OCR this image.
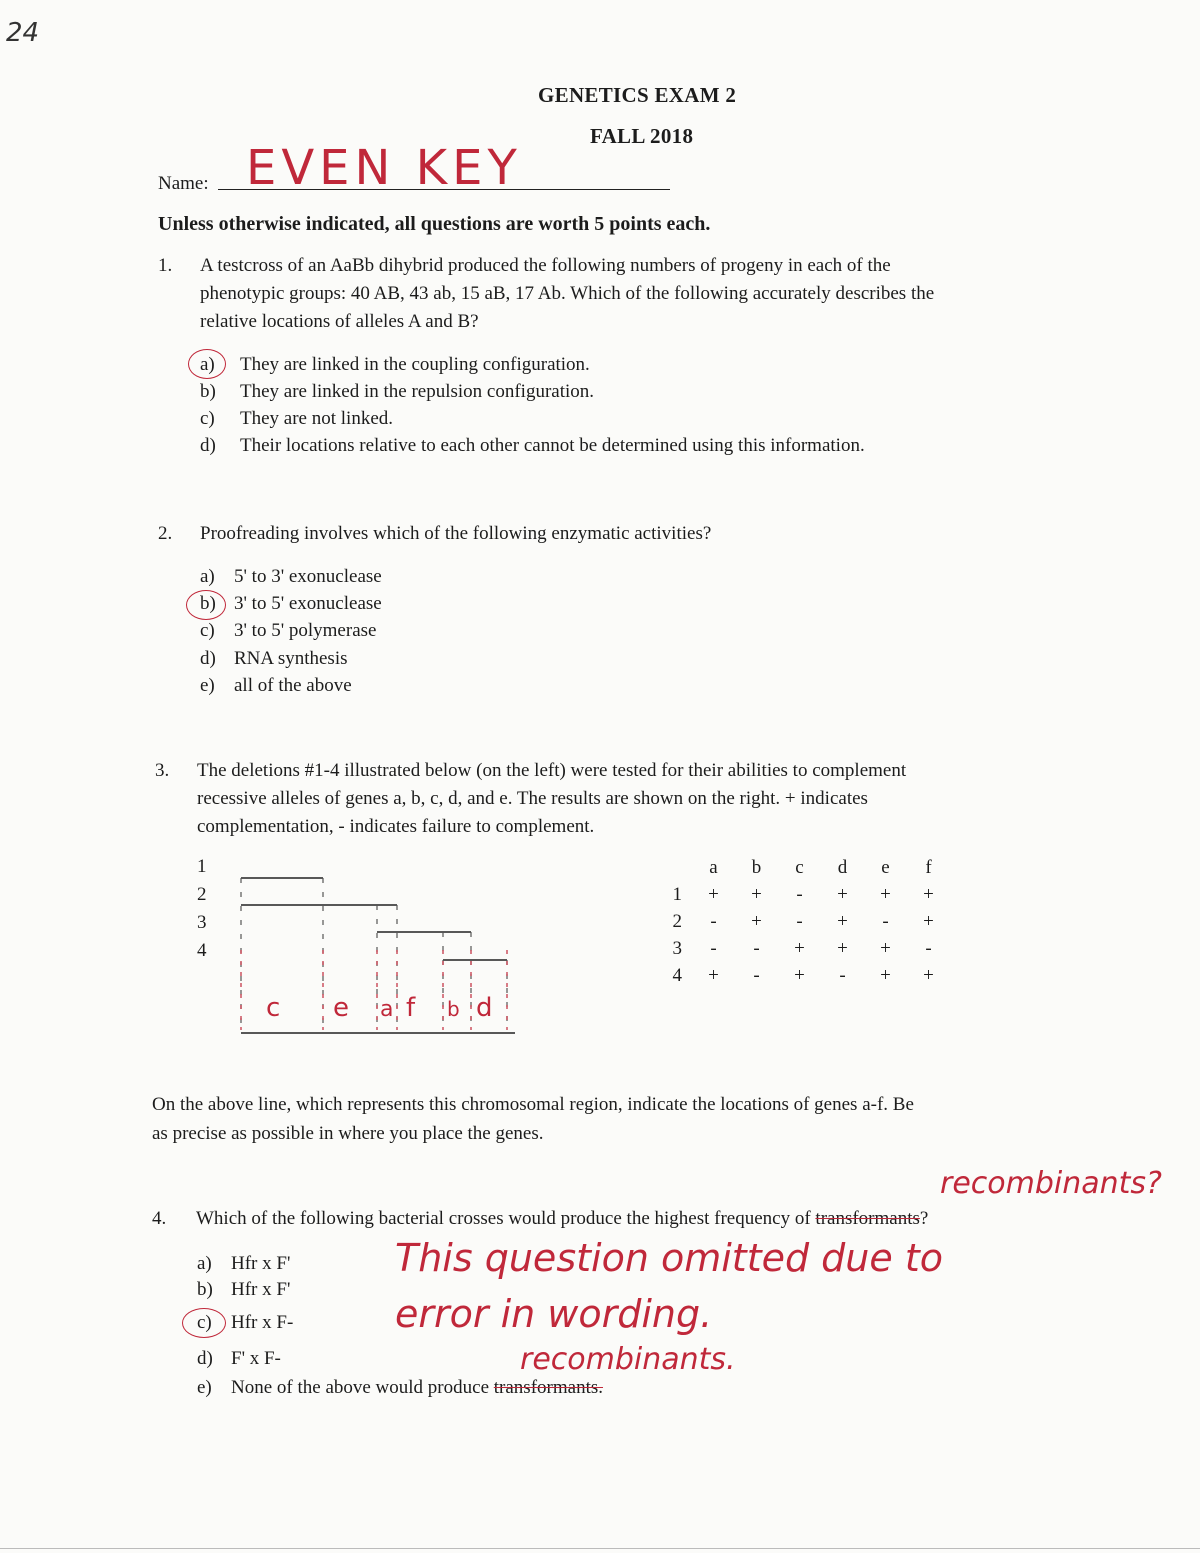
24
GENETICS EXAM 2
FALL 2018
Name: EVEN KEY
Unless otherwise indicated, all questions are worth 5 points each.
1. A testcross of an AaBb dihybrid produced the following numbers of progeny in each of the
phenotypic groups: 40 AB, 43 ab, 15 aB, 17 Ab. Which of the following accurately describes the
relative locations of alleles A and B?
a) They are linked in the coupling configuration.
b) They are linked in the repulsion configuration.
c) They are not linked.
d) Their locations relative to each other cannot be determined using this information.
2. Proofreading involves which of the following enzymatic activities?
a) 5' to 3' exonuclease
b) 3' to 5' exonuclease
c) 3' to 5' polymerase
d) RNA synthesis
e) all of the above
3. The deletions #1-4 illustrated below (on the left) were tested for their abilities to complement
recessive alleles of genes a, b, c, d, and e. The results are shown on the right. + indicates
complementation, - indicates failure to complement.
1
2
3
4
c e a f b d
	a	b	c	d	e	f
1	+	+	-	+	+	+
2	-	+	-	+	-	+
3	-	-	+	+	+	-
4	+	-	+	-	+	+
On the above line, which represents this chromosomal region, indicate the locations of genes a-f. Be
as precise as possible in where you place the genes.
recombinants?
4. Which of the following bacterial crosses would produce the highest frequency of transformants?
a) Hfr x F'
b) Hfr x F'
c) Hfr x F-
d) F' x F-	recombinants.
e) None of the above would produce transformants.
This question omitted due to
error in wording.
